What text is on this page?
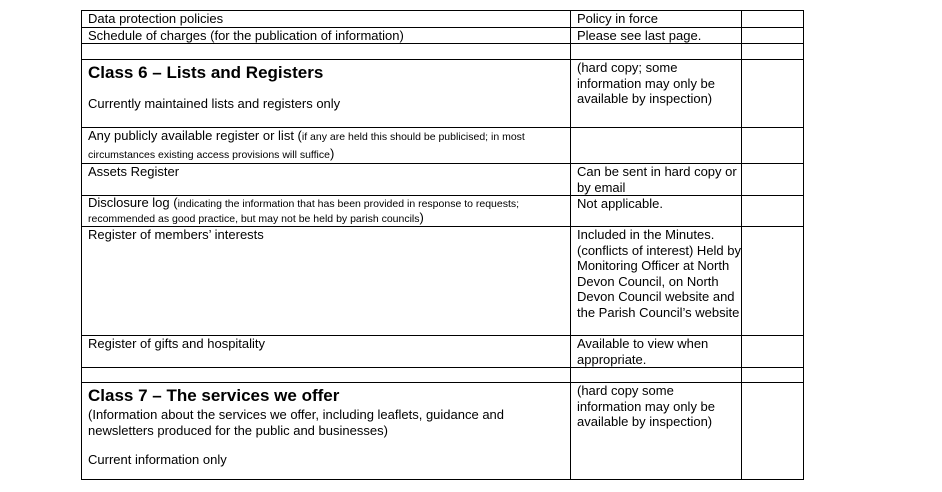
Data protection policies	Policy in force	
Schedule of charges (for the publication of information)	Please see last page.	

Class 6 – Lists and Registers
Currently maintained lists and registers only	(hard copy; some information may only be available by inspection)	
Any publicly available register or list (if any are held this should be publicised; in most circumstances existing access provisions will suffice)		
Assets Register	Can be sent in hard copy or by email	
Disclosure log (indicating the information that has been provided in response to requests; recommended as good practice, but may not be held by parish councils)	Not applicable.	
Register of members’ interests	Included in the Minutes. (conflicts of interest) Held by Monitoring Officer at North Devon Council, on North Devon Council website and the Parish Council’s website	
Register of gifts and hospitality	Available to view when appropriate.	

Class 7 – The services we offer
(Information about the services we offer, including leaflets, guidance and newsletters produced for the public and businesses)
Current information only	(hard copy some information may only be available by inspection)	
